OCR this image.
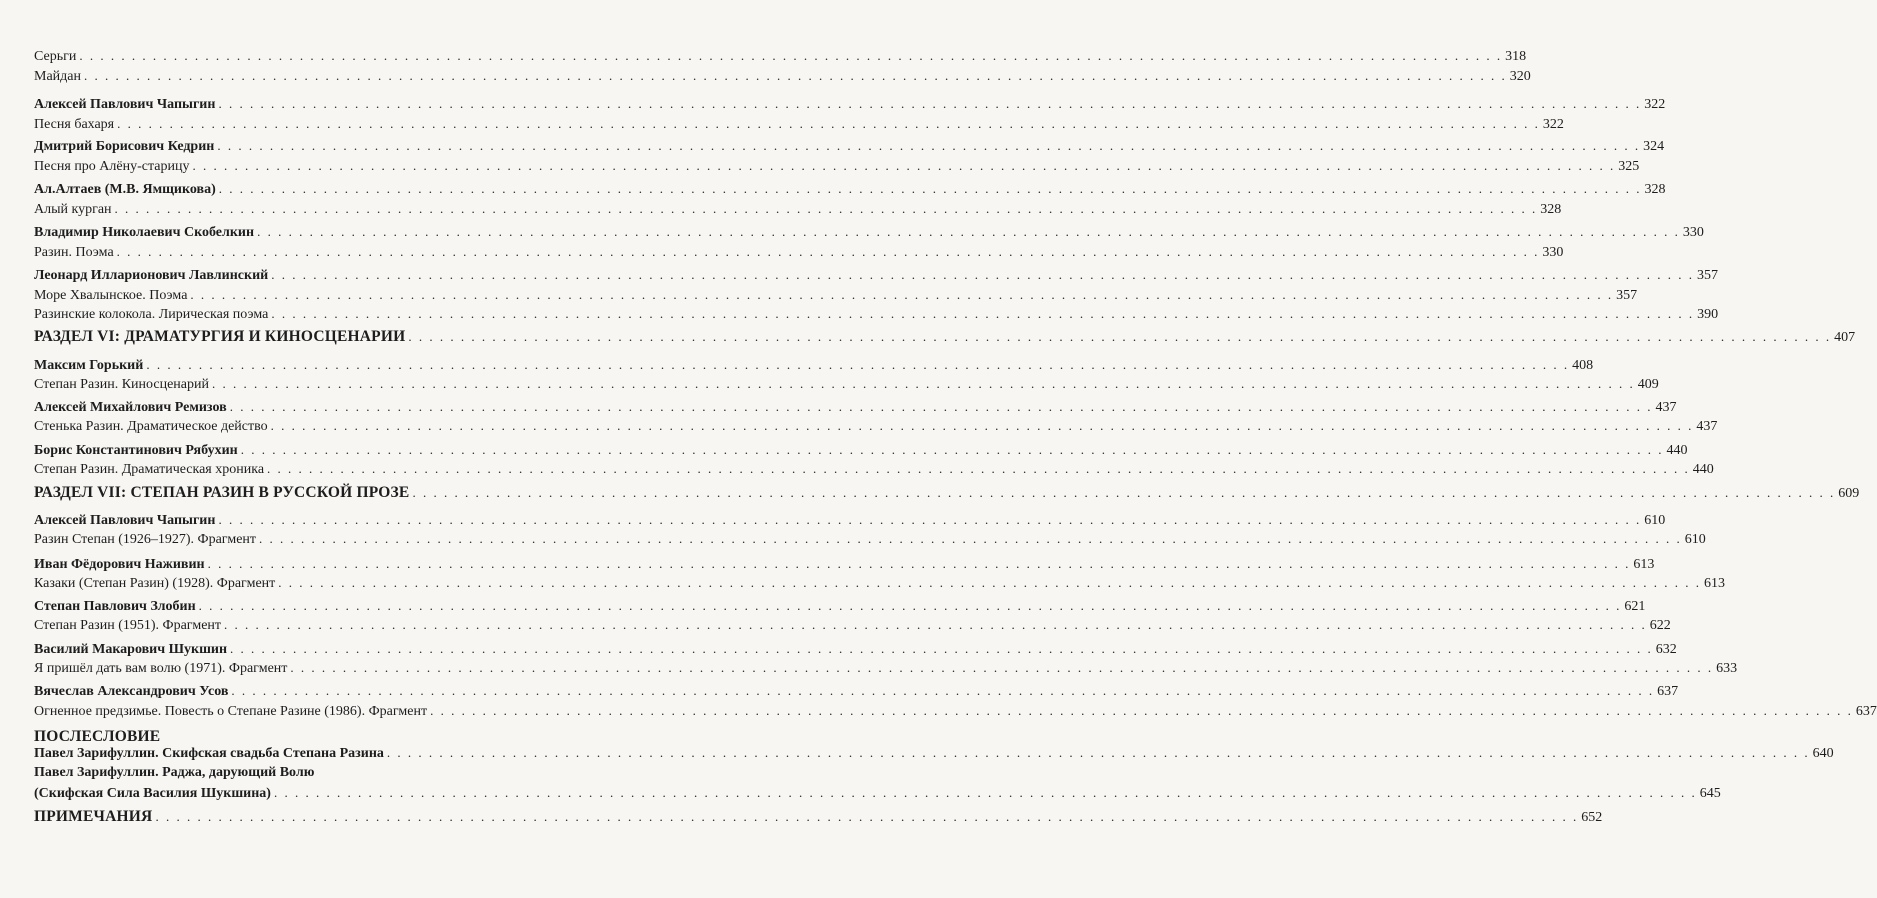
Серьги . . .	318
Майдан . . .	320
Алексей Павлович Чапыгин . . .	322
Песня бахаря . . .	322
Дмитрий Борисович Кедрин . . .	324
Песня про Алёну-старицу . . .	325
Ал.Алтаев (М.В. Ямщикова) . . .	328
Алый курган . . .	328
Владимир Николаевич Скобелкин . . .	330
Разин. Поэма . . .	330
Леонард Илларионович Лавлинский . . .	357
Море Хвалынское. Поэма . . .	357
Разинские колокола. Лирическая поэма . . .	390
РАЗДЕЛ VI: ДРАМАТУРГИЯ И КИНОСЦЕНАРИИ . . .	407
Максим Горький . . .	408
Степан Разин. Киносценарий . . .	409
Алексей Михайлович Ремизов . . .	437
Стенька Разин. Драматическое действо . . .	437
Борис Константинович Рябухин . . .	440
Степан Разин. Драматическая хроника . . .	440
РАЗДЕЛ VII: СТЕПАН РАЗИН В РУССКОЙ ПРОЗЕ . . .	609
Алексей Павлович Чапыгин . . .	610
Разин Степан (1926–1927). Фрагмент . . .	610
Иван Фёдорович Наживин . . .	613
Казаки (Степан Разин) (1928). Фрагмент . . .	613
Степан Павлович Злобин . . .	621
Степан Разин (1951). Фрагмент . . .	622
Василий Макарович Шукшин . . .	632
Я пришёл дать вам волю (1971). Фрагмент . . .	633
Вячеслав Александрович Усов . . .	637
Огненное предзимье. Повесть о Степане Разине (1986). Фрагмент . . .	637
ПОСЛЕСЛОВИЕ
Павел Зарифуллин. Скифская свадьба Степана Разина . . .	640
Павел Зарифуллин. Раджа, дарующий Волю
(Скифская Сила Василия Шукшина) . . .	645
ПРИМЕЧАНИЯ . . .	652
